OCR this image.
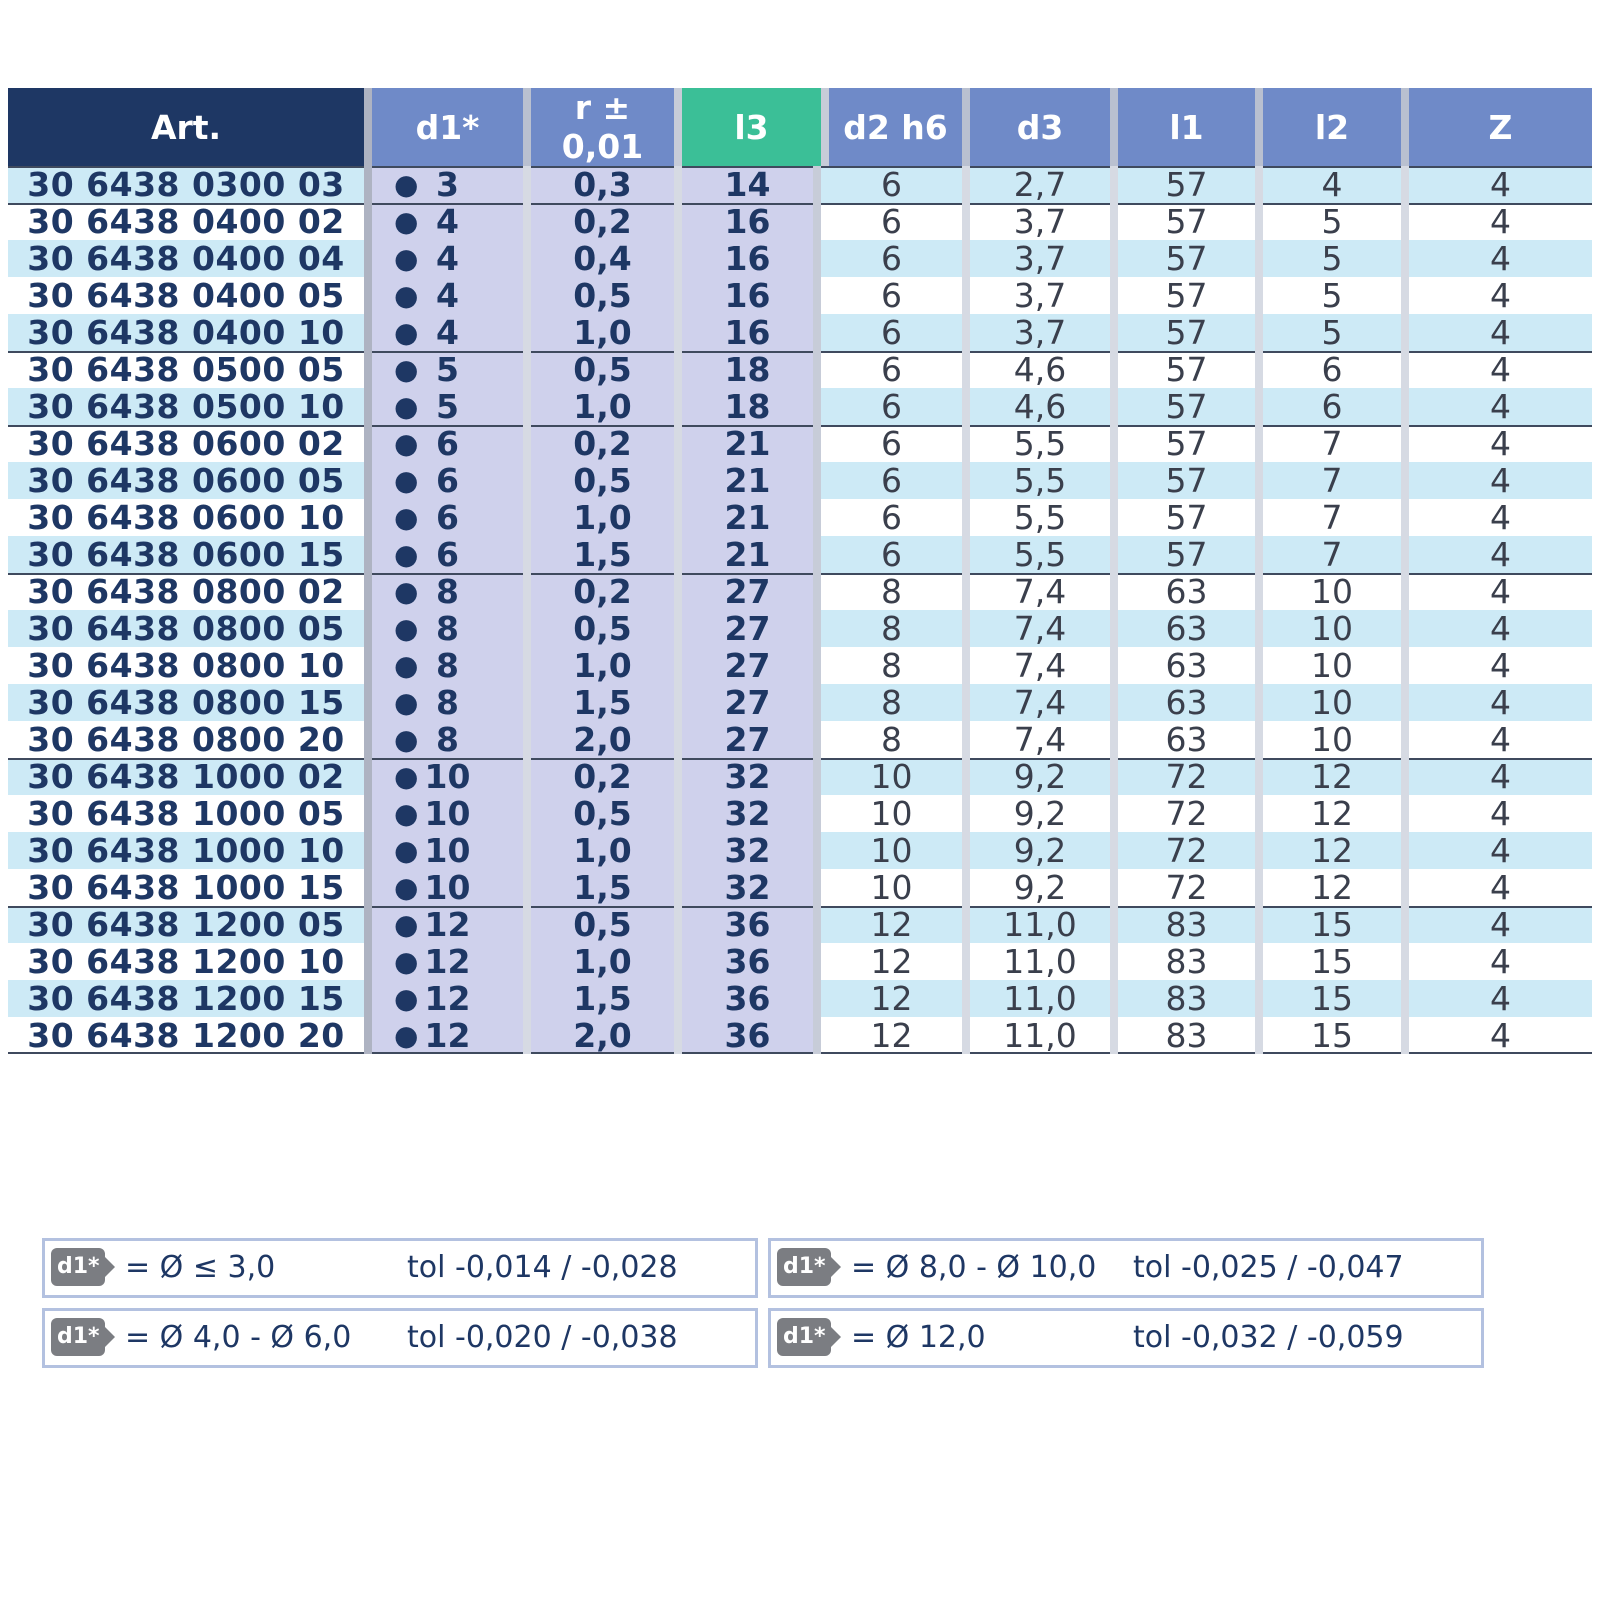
Art.	d1*	r ± 0,01	l3	d2 h6	d3	l1	l2	Z
30 6438 0300 03	● 3	0,3	14	6	2,7	57	4	4
30 6438 0400 02	● 4	0,2	16	6	3,7	57	5	4
30 6438 0400 04	● 4	0,4	16	6	3,7	57	5	4
30 6438 0400 05	● 4	0,5	16	6	3,7	57	5	4
30 6438 0400 10	● 4	1,0	16	6	3,7	57	5	4
30 6438 0500 05	● 5	0,5	18	6	4,6	57	6	4
30 6438 0500 10	● 5	1,0	18	6	4,6	57	6	4
30 6438 0600 02	● 6	0,2	21	6	5,5	57	7	4
30 6438 0600 05	● 6	0,5	21	6	5,5	57	7	4
30 6438 0600 10	● 6	1,0	21	6	5,5	57	7	4
30 6438 0600 15	● 6	1,5	21	6	5,5	57	7	4
30 6438 0800 02	● 8	0,2	27	8	7,4	63	10	4
30 6438 0800 05	● 8	0,5	27	8	7,4	63	10	4
30 6438 0800 10	● 8	1,0	27	8	7,4	63	10	4
30 6438 0800 15	● 8	1,5	27	8	7,4	63	10	4
30 6438 0800 20	● 8	2,0	27	8	7,4	63	10	4
30 6438 1000 02	● 10	0,2	32	10	9,2	72	12	4
30 6438 1000 05	● 10	0,5	32	10	9,2	72	12	4
30 6438 1000 10	● 10	1,0	32	10	9,2	72	12	4
30 6438 1000 15	● 10	1,5	32	10	9,2	72	12	4
30 6438 1200 05	● 12	0,5	36	12	11,0	83	15	4
30 6438 1200 10	● 12	1,0	36	12	11,0	83	15	4
30 6438 1200 15	● 12	1,5	36	12	11,0	83	15	4
30 6438 1200 20	● 12	2,0	36	12	11,0	83	15	4
d1* = Ø ≤ 3,0	tol -0,014 / -0,028	d1* = Ø 8,0 - Ø 10,0 tol -0,025 / -0,047
d1* = Ø 4,0 - Ø 6,0 tol -0,020 / -0,038	d1* = Ø 12,0	tol -0,032 / -0,059
